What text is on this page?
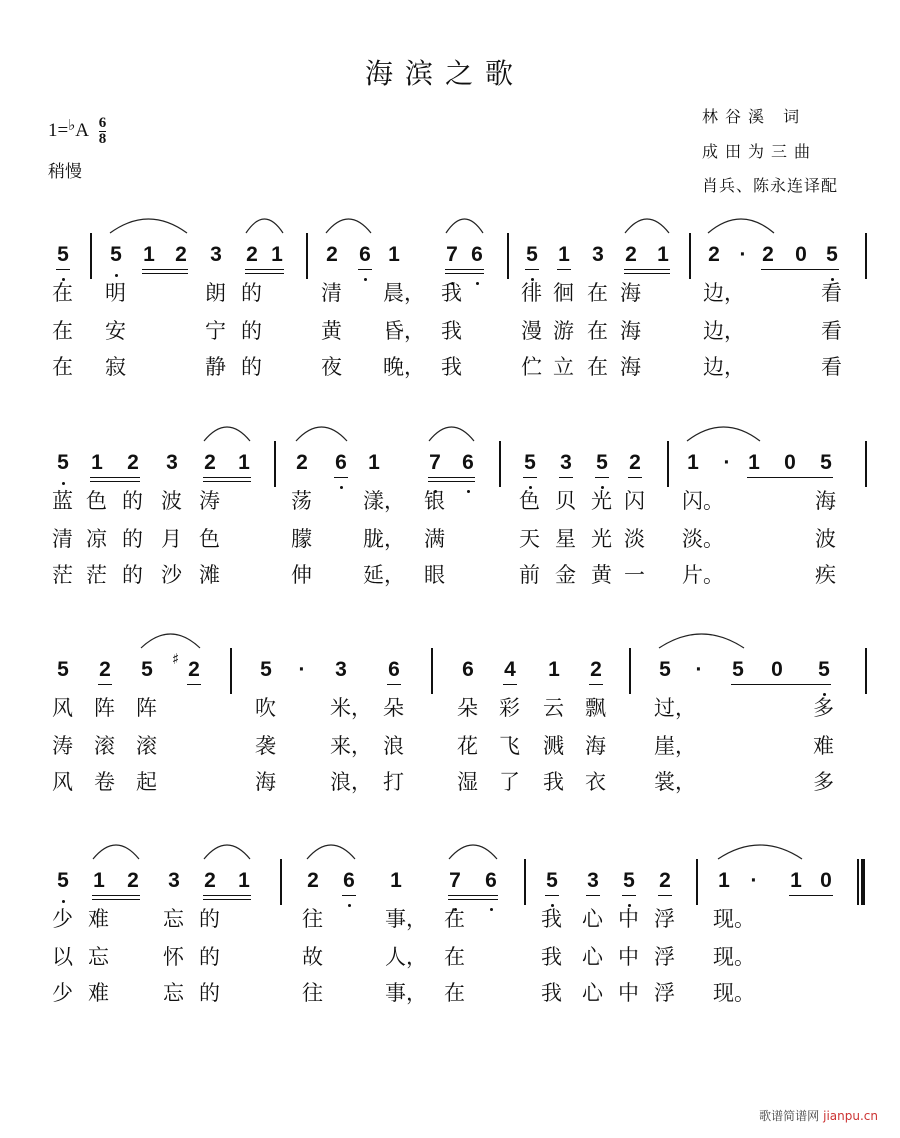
海滨之歌
$1=^♭A \frac{6}{8}$
稍慢
林谷溪 词
成田为三曲
肖兵、陈永连译配
5 5 1 2 3 2 1 2 6 1 7 6 5 1 3 2 1 2 · 2 0 5
在 明	朗 的	清 晨， 我	徘 徊 在 海	边，	看
在 安	宁 的	黄 昏， 我	漫 游 在 海	边，	看
在 寂	静 的	夜 晚， 我	伫 立 在 海	边，	看
5 1 2 3 2 1 2 6 1 7 6 5 3 5 2 1 · 1 0 5
蓝 色 的 波 涛	荡 漾， 银	色 贝 光 闪 闪。	海
清 凉 的 月 色	朦 胧， 满	天 星 光 淡 淡。	波
茫 茫 的 沙 滩	伸 延， 眼	前 金 黄 一 片。	疾
5 2 5 2
♯	5 · 3 6	6 4 1 2	5 · 5 0 5
风 阵 阵	吹	米， 朵	朵 彩 云 飘 过，	多
涛 滚 滚	袭	来， 浪	花 飞 溅 海 崖，	难
风 卷 起	海	浪， 打	湿 了 我 衣 裳，	多
5 1 2 3 2 1	2 6 1 7 6 5 3 5 2 1 · 1 0
少 难	忘 的	往	事， 在	我 心 中 浮 现。
以 忘	怀 的	故	人， 在	我 心 中 浮 现。
少 难	忘 的	往	事， 在	我 心 中 浮 现。
歌谱简谱网 jianpu.cn
